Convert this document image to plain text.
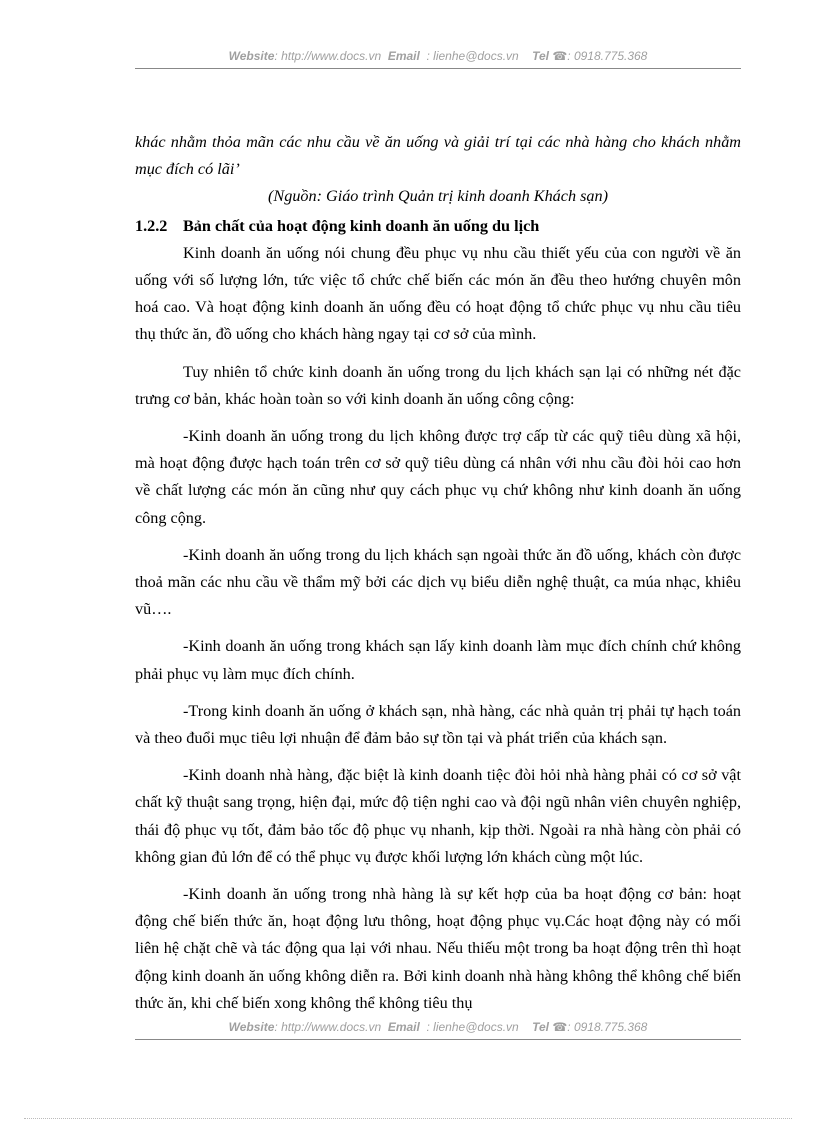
Website: http://www.docs.vn Email : lienhe@docs.vn Tel ☎: 0918.775.368

khác nhằm thỏa mãn các nhu cầu về ăn uống và giải trí tại các nhà hàng cho khách nhằm mục đích có lãi’

(Nguồn: Giáo trình Quản trị kinh doanh Khách sạn)

1.2.2 Bản chất của hoạt động kinh doanh ăn uống du lịch

Kinh doanh ăn uống nói chung đều phục vụ nhu cầu thiết yếu của con người về ăn uống với số lượng lớn, tức việc tổ chức chế biến các món ăn đều theo hướng chuyên môn hoá cao. Và hoạt động kinh doanh ăn uống đều có hoạt động tổ chức phục vụ nhu cầu tiêu thụ thức ăn, đồ uống cho khách hàng ngay tại cơ sở của mình.

Tuy nhiên tổ chức kinh doanh ăn uống trong du lịch khách sạn lại có những nét đặc trưng cơ bản, khác hoàn toàn so với kinh doanh ăn uống công cộng:

-Kinh doanh ăn uống trong du lịch không được trợ cấp từ các quỹ tiêu dùng xã hội, mà hoạt động được hạch toán trên cơ sở quỹ tiêu dùng cá nhân với nhu cầu đòi hỏi cao hơn về chất lượng các món ăn cũng như quy cách phục vụ chứ không như kinh doanh ăn uống công cộng.

-Kinh doanh ăn uống trong du lịch khách sạn ngoài thức ăn đồ uống, khách còn được thoả mãn các nhu cầu về thẩm mỹ bởi các dịch vụ biểu diễn nghệ thuật, ca múa nhạc, khiêu vũ….

-Kinh doanh ăn uống trong khách sạn lấy kinh doanh làm mục đích chính chứ không phải phục vụ làm mục đích chính.

-Trong kinh doanh ăn uống ở khách sạn, nhà hàng, các nhà quản trị phải tự hạch toán và theo đuổi mục tiêu lợi nhuận để đảm bảo sự tồn tại và phát triển của khách sạn.

-Kinh doanh nhà hàng, đặc biệt là kinh doanh tiệc đòi hỏi nhà hàng phải có cơ sở vật chất kỹ thuật sang trọng, hiện đại, mức độ tiện nghi cao và đội ngũ nhân viên chuyên nghiệp, thái độ phục vụ tốt, đảm bảo tốc độ phục vụ nhanh, kịp thời. Ngoài ra nhà hàng còn phải có không gian đủ lớn để có thể phục vụ được khối lượng lớn khách cùng một lúc.

-Kinh doanh ăn uống trong nhà hàng là sự kết hợp của ba hoạt động cơ bản: hoạt động chế biến thức ăn, hoạt động lưu thông, hoạt động phục vụ.Các hoạt động này có mối liên hệ chặt chẽ và tác động qua lại với nhau. Nếu thiếu một trong ba hoạt động trên thì hoạt động kinh doanh ăn uống không diễn ra. Bởi kinh doanh nhà hàng không thể không chế biến thức ăn, khi chế biến xong không thể không tiêu thụ

Website: http://www.docs.vn Email : lienhe@docs.vn Tel ☎: 0918.775.368
